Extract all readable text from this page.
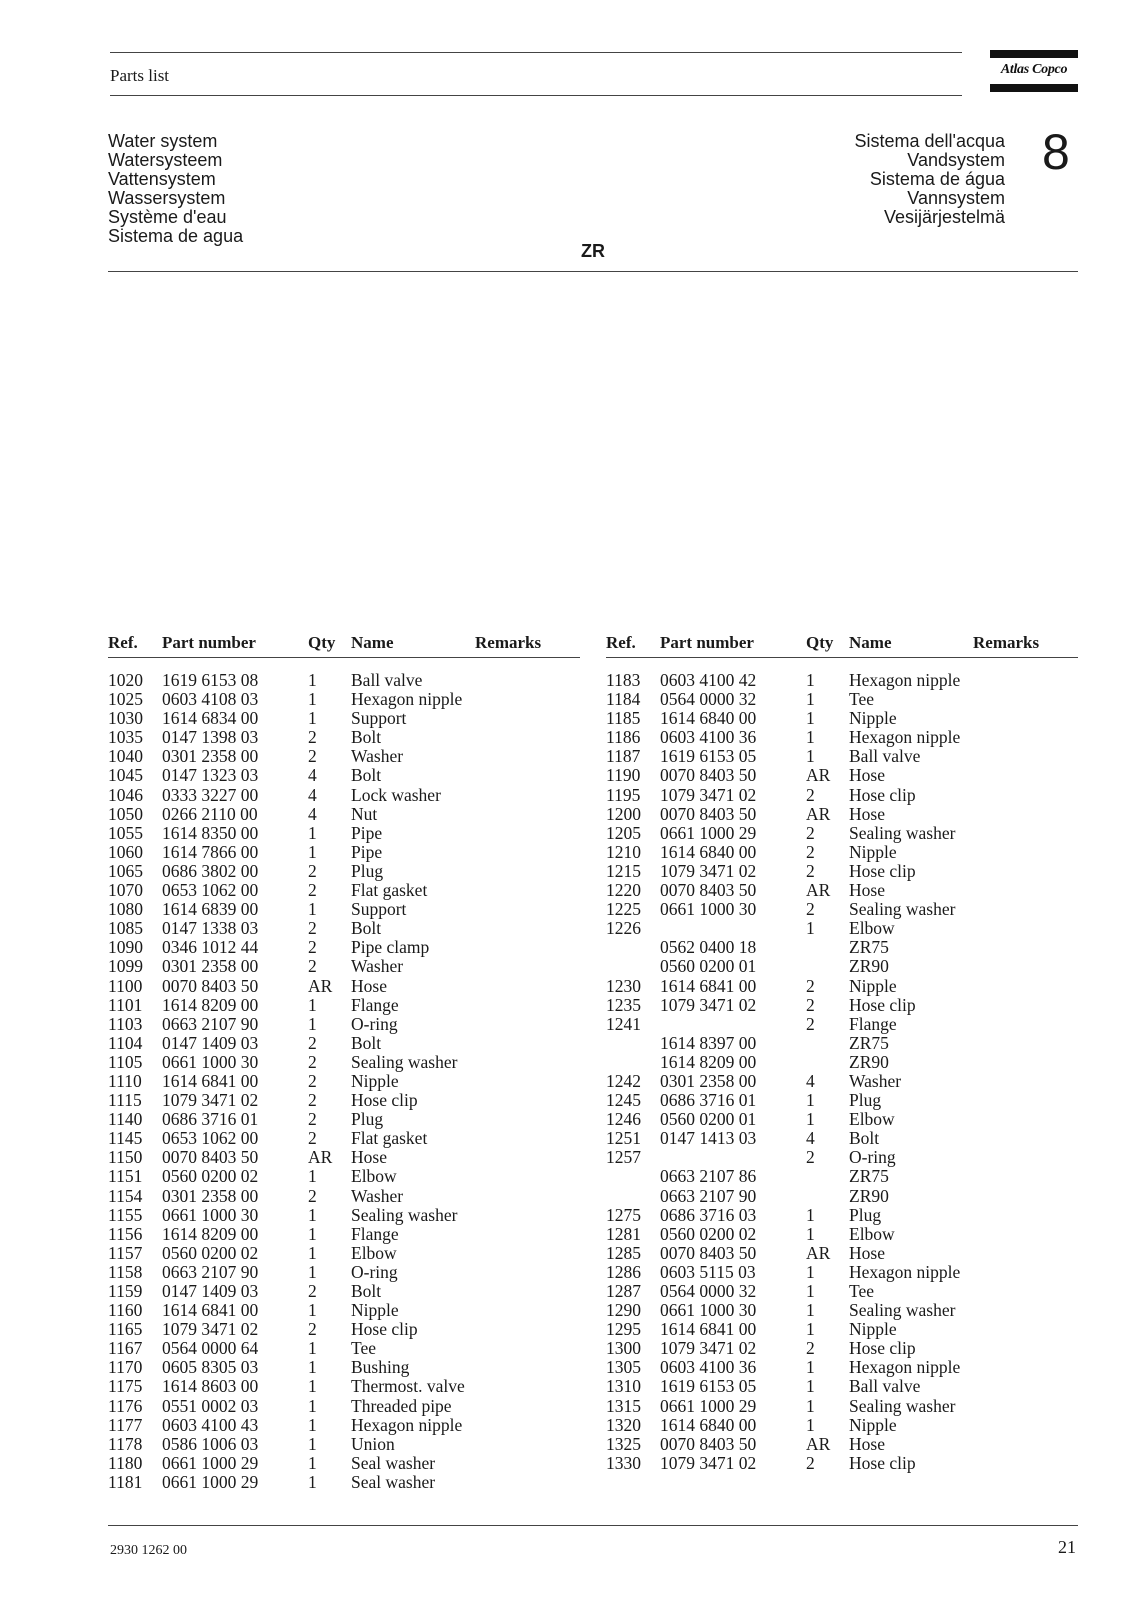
Parts list	Atlas Copco
Water system
Watersysteem
Vattensystem
Wassersystem
Système d'eau
Sistema de agua
Sistema dell'acqua
Vandsystem
Sistema de água
Vannsystem
Vesijärjestelmä
8
ZR
Ref. Part number	Qty Name	Remarks
1020 1619 6153 08	1 Ball valve
1025 0603 4108 03	1 Hexagon nipple
1030 1614 6834 00	1 Support
1035 0147 1398 03	2 Bolt
1040 0301 2358 00	2 Washer
1045 0147 1323 03	4 Bolt
1046 0333 3227 00	4 Lock washer
1050 0266 2110 00	4 Nut
1055 1614 8350 00	1 Pipe
1060 1614 7866 00	1 Pipe
1065 0686 3802 00	2 Plug
1070 0653 1062 00	2 Flat gasket
1080 1614 6839 00	1 Support
1085 0147 1338 03	2 Bolt
1090 0346 1012 44	2 Pipe clamp
1099 0301 2358 00	2 Washer
1100 0070 8403 50	AR Hose
1101 1614 8209 00	1 Flange
1103 0663 2107 90	1 O-ring
1104 0147 1409 03	2 Bolt
1105 0661 1000 30	2 Sealing washer
1110 1614 6841 00	2 Nipple
1115 1079 3471 02	2 Hose clip
1140 0686 3716 01	2 Plug
1145 0653 1062 00	2 Flat gasket
1150 0070 8403 50	AR Hose
1151 0560 0200 02	1 Elbow
1154 0301 2358 00	2 Washer
1155 0661 1000 30	1 Sealing washer
1156 1614 8209 00	1 Flange
1157 0560 0200 02	1 Elbow
1158 0663 2107 90	1 O-ring
1159 0147 1409 03	2 Bolt
1160 1614 6841 00	1 Nipple
1165 1079 3471 02	2 Hose clip
1167 0564 0000 64	1 Tee
1170 0605 8305 03	1 Bushing
1175 1614 8603 00	1 Thermost. valve
1176 0551 0002 03	1 Threaded pipe
1177 0603 4100 43	1 Hexagon nipple
1178 0586 1006 03	1 Union
1180 0661 1000 29	1 Seal washer
1181 0661 1000 29	1 Seal washer
Ref. Part number	Qty Name	Remarks
1183 0603 4100 42	1 Hexagon nipple
1184 0564 0000 32	1 Tee
1185 1614 6840 00	1 Nipple
1186 0603 4100 36	1 Hexagon nipple
1187 1619 6153 05	1 Ball valve
1190 0070 8403 50	AR Hose
1195 1079 3471 02	2 Hose clip
1200 0070 8403 50	AR Hose
1205 0661 1000 29	2 Sealing washer
1210 1614 6840 00	2 Nipple
1215 1079 3471 02	2 Hose clip
1220 0070 8403 50	AR Hose
1225 0661 1000 30	2 Sealing washer
1226	1 Elbow
0562 0400 18	ZR75
0560 0200 01	ZR90
1230 1614 6841 00	2 Nipple
1235 1079 3471 02	2 Hose clip
1241	2 Flange
1614 8397 00	ZR75
1614 8209 00	ZR90
1242 0301 2358 00	4 Washer
1245 0686 3716 01	1 Plug
1246 0560 0200 01	1 Elbow
1251 0147 1413 03	4 Bolt
1257	2 O-ring
0663 2107 86	ZR75
0663 2107 90	ZR90
1275 0686 3716 03	1 Plug
1281 0560 0200 02	1 Elbow
1285 0070 8403 50	AR Hose
1286 0603 5115 03	1 Hexagon nipple
1287 0564 0000 32	1 Tee
1290 0661 1000 30	1 Sealing washer
1295 1614 6841 00	1 Nipple
1300 1079 3471 02	2 Hose clip
1305 0603 4100 36	1 Hexagon nipple
1310 1619 6153 05	1 Ball valve
1315 0661 1000 29	1 Sealing washer
1320 1614 6840 00	1 Nipple
1325 0070 8403 50	AR Hose
1330 1079 3471 02	2 Hose clip
2930 1262 00	21
